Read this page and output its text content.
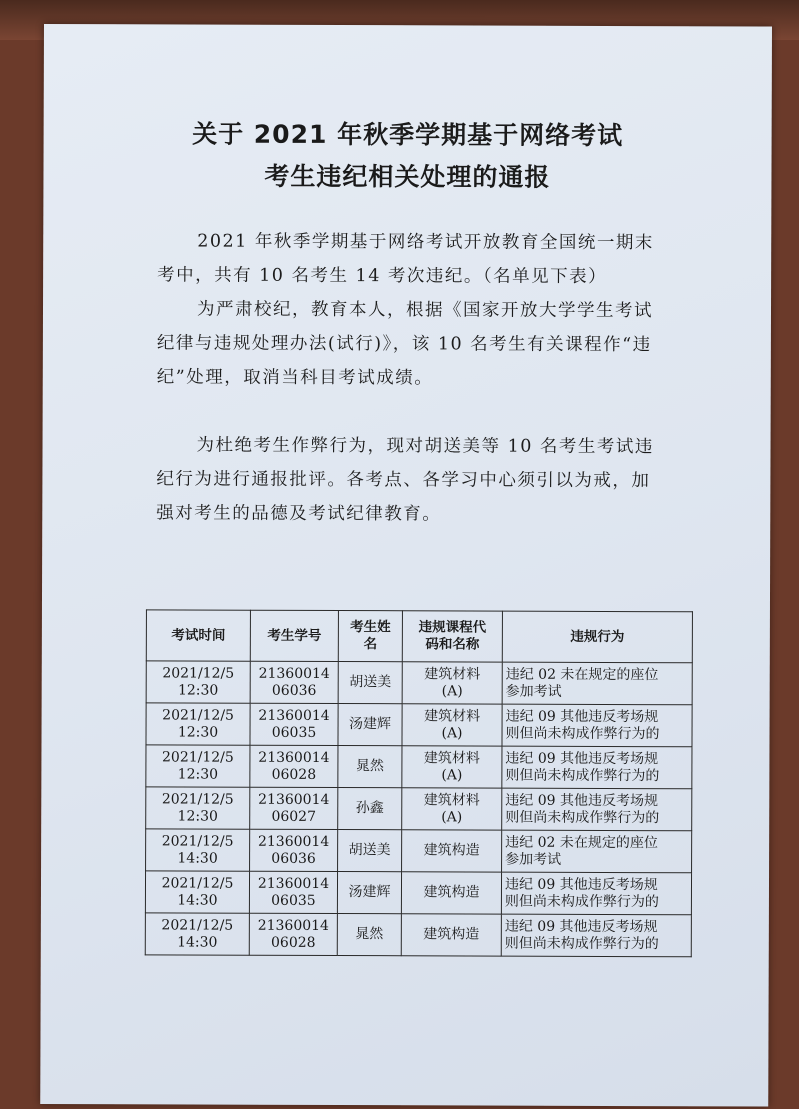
关于 2021 年秋季学期基于网络考试
考生违纪相关处理的通报
2021 年秋季学期基于网络考试开放教育全国统一期末
考中，共有 10 名考生 14 考次违纪。（名单见下表）
为严肃校纪，教育本人，根据《国家开放大学学生考试
纪律与违规处理办法(试行)》，该 10 名考生有关课程作“违
纪”处理，取消当科目考试成绩。
为杜绝考生作弊行为，现对胡送美等 10 名考生考试违
纪行为进行通报批评。各考点、各学习中心须引以为戒，加
强对考生的品德及考试纪律教育。
考试时间	考生学号	考生姓
名	违规课程代
码和名称	违规行为

2021/12/5
12:30	21360014
06036	胡送美	建筑材料
(A)	违纪 02 未在规定的座位
参加考试

2021/12/5
12:30	21360014
06035	汤建辉	建筑材料
(A)	违纪 09 其他违反考场规
则但尚未构成作弊行为的

2021/12/5
12:30	21360014
06028	晁然	建筑材料
(A)	违纪 09 其他违反考场规
则但尚未构成作弊行为的

2021/12/5
12:30	21360014
06027	孙鑫	建筑材料
(A)	违纪 09 其他违反考场规
则但尚未构成作弊行为的

2021/12/5
14:30	21360014
06036	胡送美	建筑构造	违纪 02 未在规定的座位
参加考试

2021/12/5
14:30	21360014
06035	汤建辉	建筑构造	违纪 09 其他违反考场规
则但尚未构成作弊行为的

2021/12/5
14:30	21360014
06028	晁然	建筑构造	违纪 09 其他违反考场规
则但尚未构成作弊行为的
